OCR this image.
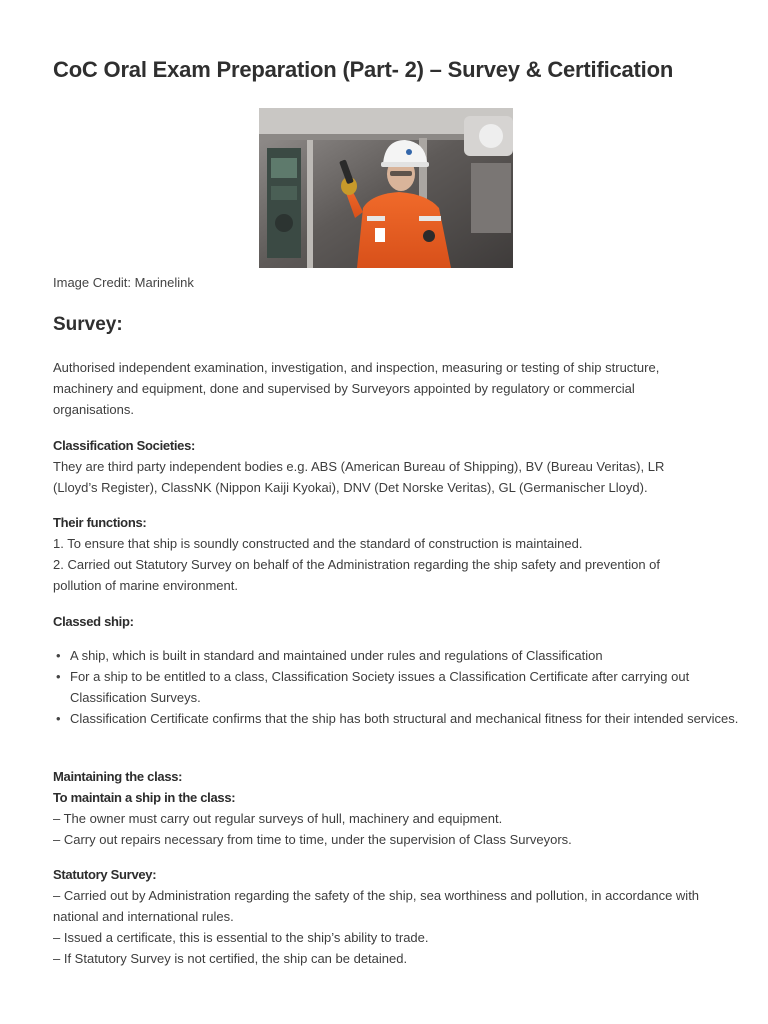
CoC Oral Exam Preparation (Part- 2) – Survey & Certification
Image Credit: Marinelink
Survey:

Authorised independent examination, investigation, and inspection, measuring or testing of ship structure, machinery and equipment, done and supervised by Surveyors appointed by regulatory or commercial organisations.

Classification Societies:

They are third party independent bodies e.g. ABS (American Bureau of Shipping), BV (Bureau Veritas), LR (Lloyd’s Register), ClassNK (Nippon Kaiji Kyokai), DNV (Det Norske Veritas), GL (Germanischer Lloyd).

Their functions:

1. To ensure that ship is soundly constructed and the standard of construction is maintained.

2. Carried out Statutory Survey on behalf of the Administration regarding the ship safety and prevention of pollution of marine environment.

Classed ship:
• A ship, which is built in standard and maintained under rules and regulations of Classification
• For a ship to be entitled to a class, Classification Society issues a Classification Certificate after carrying out Classification Surveys.
• Classification Certificate confirms that the ship has both structural and mechanical fitness for their intended services.
Maintaining the class:
To maintain a ship in the class:

– The owner must carry out regular surveys of hull, machinery and equipment.

– Carry out repairs necessary from time to time, under the supervision of Class Surveyors.

Statutory Survey:

– Carried out by Administration regarding the safety of the ship, sea worthiness and pollution, in accordance with national and international rules.

– Issued a certificate, this is essential to the ship’s ability to trade.

– If Statutory Survey is not certified, the ship can be detained.
